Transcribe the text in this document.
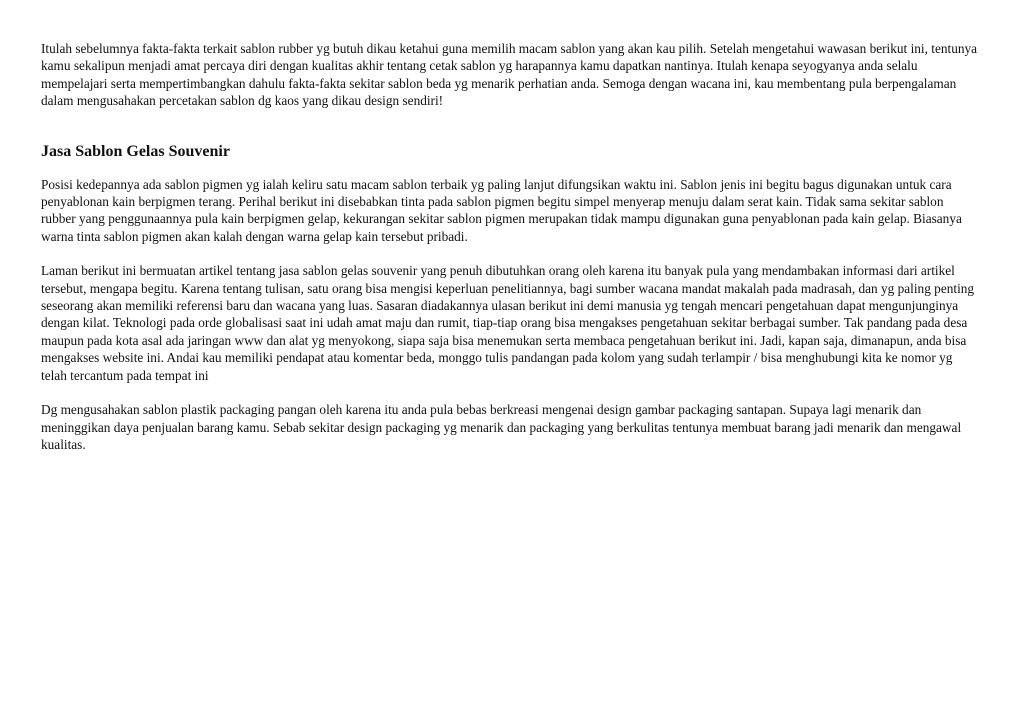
Itulah sebelumnya fakta-fakta terkait sablon rubber yg butuh dikau ketahui guna memilih macam sablon yang akan kau pilih. Setelah mengetahui wawasan berikut ini, tentunya kamu sekalipun menjadi amat percaya diri dengan kualitas akhir tentang cetak sablon yg harapannya kamu dapatkan nantinya. Itulah kenapa seyogyanya anda selalu mempelajari serta mempertimbangkan dahulu fakta-fakta sekitar sablon beda yg menarik perhatian anda. Semoga dengan wacana ini, kau membentang pula berpengalaman dalam mengusahakan percetakan sablon dg kaos yang dikau design sendiri!

Jasa Sablon Gelas Souvenir

Posisi kedepannya ada sablon pigmen yg ialah keliru satu macam sablon terbaik yg paling lanjut difungsikan waktu ini. Sablon jenis ini begitu bagus digunakan untuk cara penyablonan kain berpigmen terang. Perihal berikut ini disebabkan tinta pada sablon pigmen begitu simpel menyerap menuju dalam serat kain. Tidak sama sekitar sablon rubber yang penggunaannya pula kain berpigmen gelap, kekurangan sekitar sablon pigmen merupakan tidak mampu digunakan guna penyablonan pada kain gelap. Biasanya warna tinta sablon pigmen akan kalah dengan warna gelap kain tersebut pribadi.

Laman berikut ini bermuatan artikel tentang jasa sablon gelas souvenir yang penuh dibutuhkan orang oleh karena itu banyak pula yang mendambakan informasi dari artikel tersebut, mengapa begitu. Karena tentang tulisan, satu orang bisa mengisi keperluan penelitiannya, bagi sumber wacana mandat makalah pada madrasah, dan yg paling penting seseorang akan memiliki referensi baru dan wacana yang luas. Sasaran diadakannya ulasan berikut ini demi manusia yg tengah mencari pengetahuan dapat mengunjunginya dengan kilat. Teknologi pada orde globalisasi saat ini udah amat maju dan rumit, tiap-tiap orang bisa mengakses pengetahuan sekitar berbagai sumber. Tak pandang pada desa maupun pada kota asal ada jaringan www dan alat yg menyokong, siapa saja bisa menemukan serta membaca pengetahuan berikut ini. Jadi, kapan saja, dimanapun, anda bisa mengakses website ini. Andai kau memiliki pendapat atau komentar beda, monggo tulis pandangan pada kolom yang sudah terlampir / bisa menghubungi kita ke nomor yg telah tercantum pada tempat ini

Dg mengusahakan sablon plastik packaging pangan oleh karena itu anda pula bebas berkreasi mengenai design gambar packaging santapan. Supaya lagi menarik dan meninggikan daya penjualan barang kamu. Sebab sekitar design packaging yg menarik dan packaging yang berkulitas tentunya membuat barang jadi menarik dan mengawal kualitas.
